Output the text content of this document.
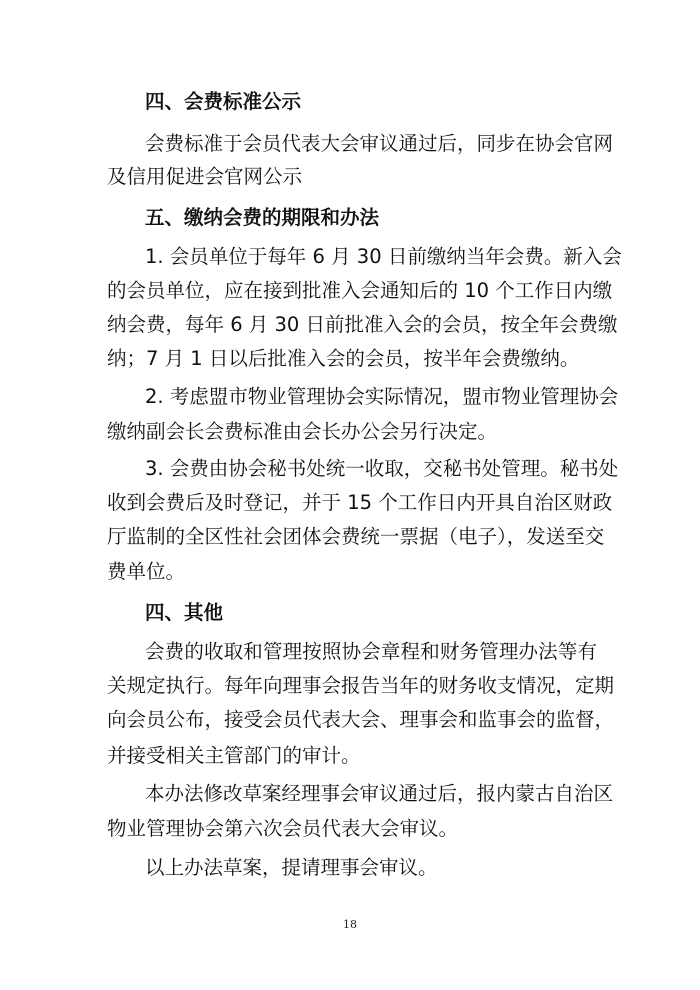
四、会费标准公示
会费标准于会员代表大会审议通过后，同步在协会官网
及信用促进会官网公示
五、缴纳会费的期限和办法
1. 会员单位于每年 6 月 30 日前缴纳当年会费。新入会
的会员单位，应在接到批准入会通知后的 10 个工作日内缴
纳会费，每年 6 月 30 日前批准入会的会员，按全年会费缴
纳；7 月 1 日以后批准入会的会员，按半年会费缴纳。
2. 考虑盟市物业管理协会实际情况，盟市物业管理协会
缴纳副会长会费标准由会长办公会另行决定。
3. 会费由协会秘书处统一收取，交秘书处管理。秘书处
收到会费后及时登记，并于 15 个工作日内开具自治区财政
厅监制的全区性社会团体会费统一票据（电子），发送至交
费单位。
四、其他
会费的收取和管理按照协会章程和财务管理办法等有
关规定执行。每年向理事会报告当年的财务收支情况，定期
向会员公布，接受会员代表大会、理事会和监事会的监督，
并接受相关主管部门的审计。
本办法修改草案经理事会审议通过后，报内蒙古自治区
物业管理协会第六次会员代表大会审议。
以上办法草案，提请理事会审议。
18
